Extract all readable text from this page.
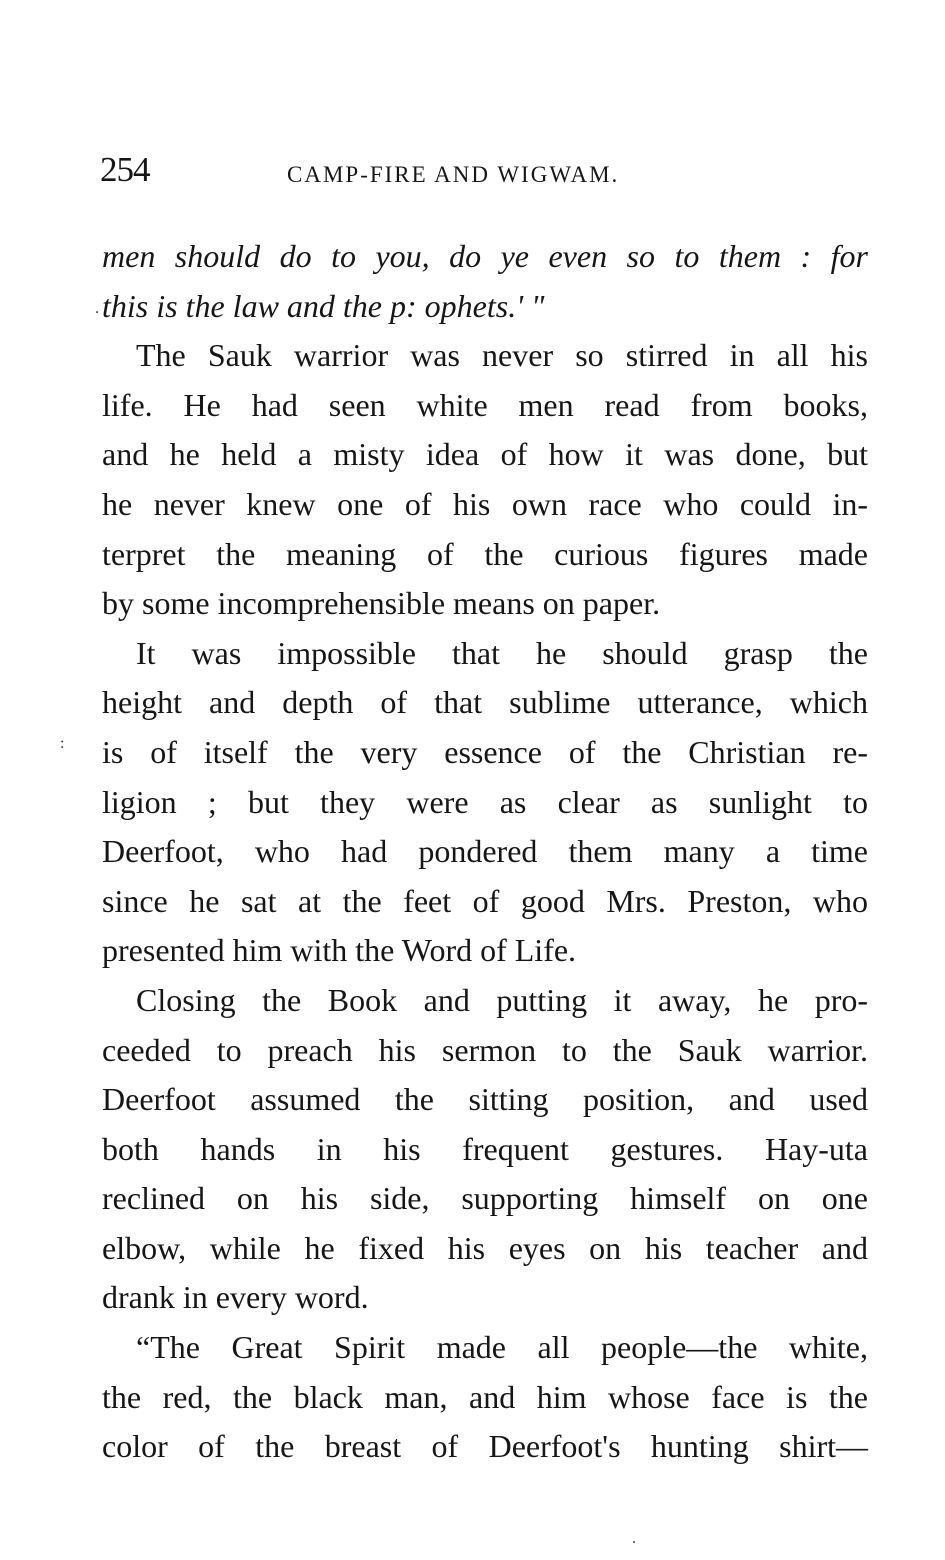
254	CAMP-FIRE AND WIGWAM.
.
:
.
men should do to you, do ye even so to them : for
this is the law and the p: ophets.' "
The Sauk warrior was never so stirred in all his
life. He had seen white men read from books,
and he held a misty idea of how it was done, but
he never knew one of his own race who could in-
terpret the meaning of the curious figures made
by some incomprehensible means on paper.
It was impossible that he should grasp the
height and depth of that sublime utterance, which
is of itself the very essence of the Christian re-
ligion ; but they were as clear as sunlight to
Deerfoot, who had pondered them many a time
since he sat at the feet of good Mrs. Preston, who
presented him with the Word of Life.
Closing the Book and putting it away, he pro-
ceeded to preach his sermon to the Sauk warrior.
Deerfoot assumed the sitting position, and used
both hands in his frequent gestures. Hay-uta
reclined on his side, supporting himself on one
elbow, while he fixed his eyes on his teacher and
drank in every word.
“The Great Spirit made all people—the white,
the red, the black man, and him whose face is the
color of the breast of Deerfoot's hunting shirt—
